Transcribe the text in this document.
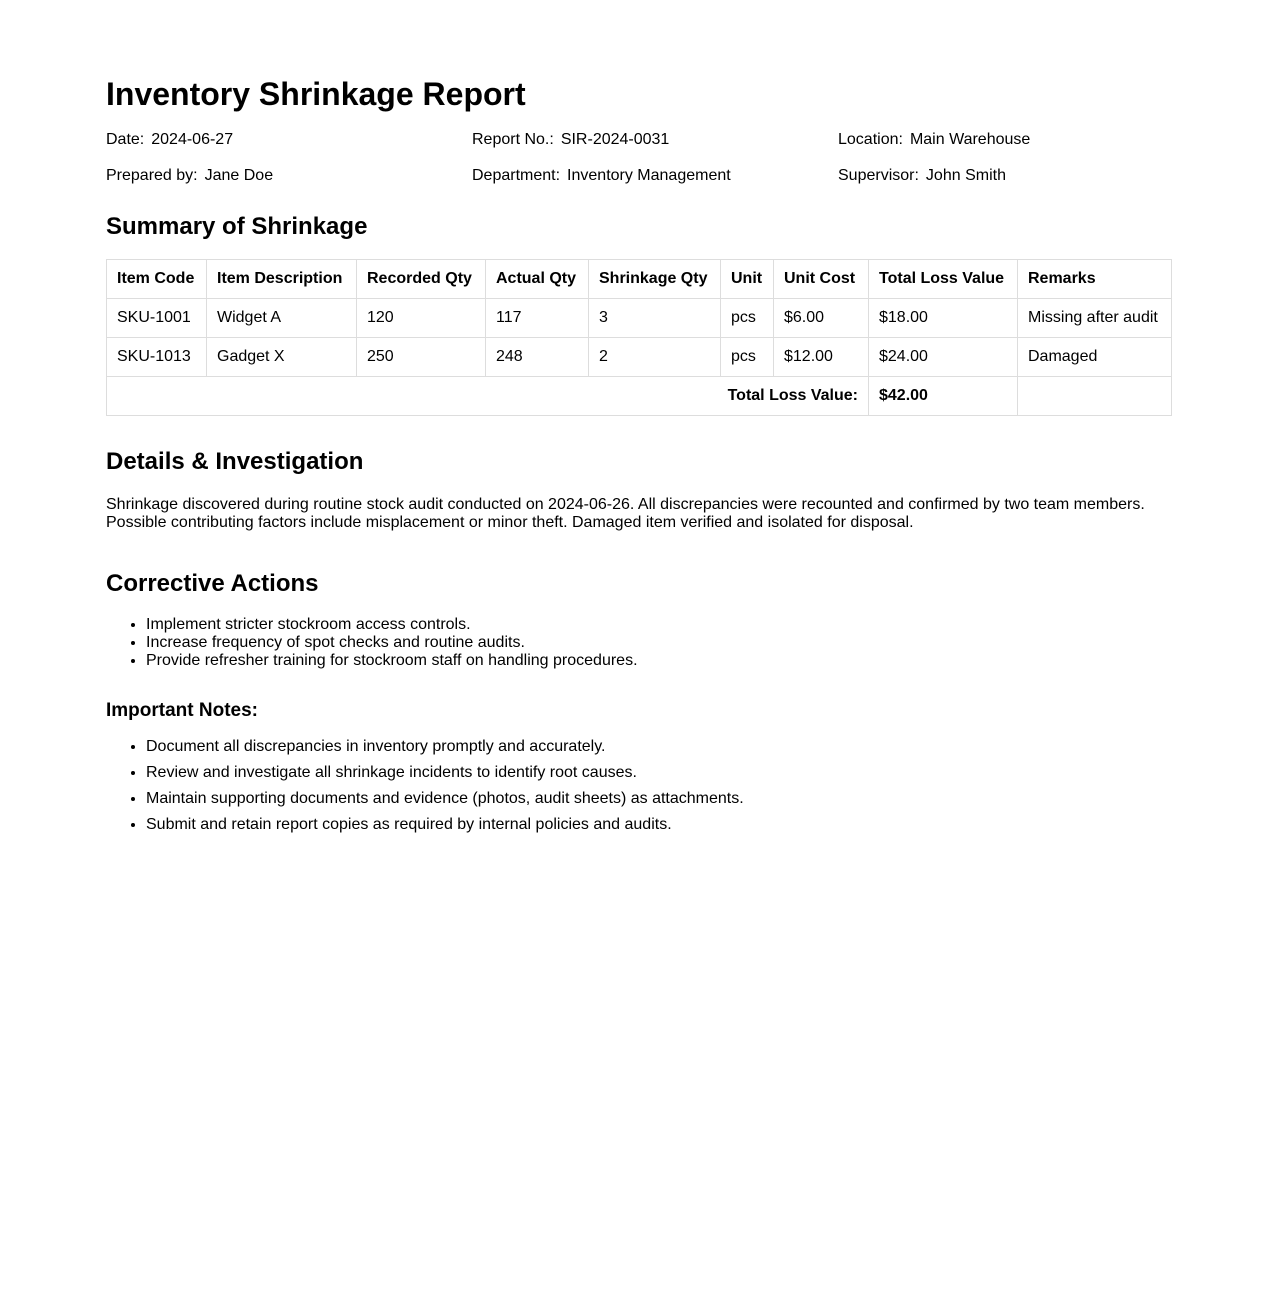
Inventory Shrinkage Report
Date: 2024-06-27	Report No.: SIR-2024-0031	Location: Main Warehouse
Prepared by: Jane Doe	Department: Inventory Management	Supervisor: John Smith
Summary of Shrinkage
Item Code	Item Description	Recorded Qty	Actual Qty	Shrinkage Qty	Unit	Unit Cost	Total Loss Value	Remarks
SKU-1001	Widget A	120	117	3	pcs	$6.00	$18.00	Missing after audit
SKU-1013	Gadget X	250	248	2	pcs	$12.00	$24.00	Damaged
Total Loss Value:							$42.00	
Details & Investigation

Shrinkage discovered during routine stock audit conducted on 2024-06-26. All discrepancies were recounted and confirmed by two team members. Possible contributing factors include misplacement or minor theft. Damaged item verified and isolated for disposal.

Corrective Actions
• Implement stricter stockroom access controls.
• Increase frequency of spot checks and routine audits.
• Provide refresher training for stockroom staff on handling procedures.
Important Notes:
• Document all discrepancies in inventory promptly and accurately.
• Review and investigate all shrinkage incidents to identify root causes.
• Maintain supporting documents and evidence (photos, audit sheets) as attachments.
• Submit and retain report copies as required by internal policies and audits.
